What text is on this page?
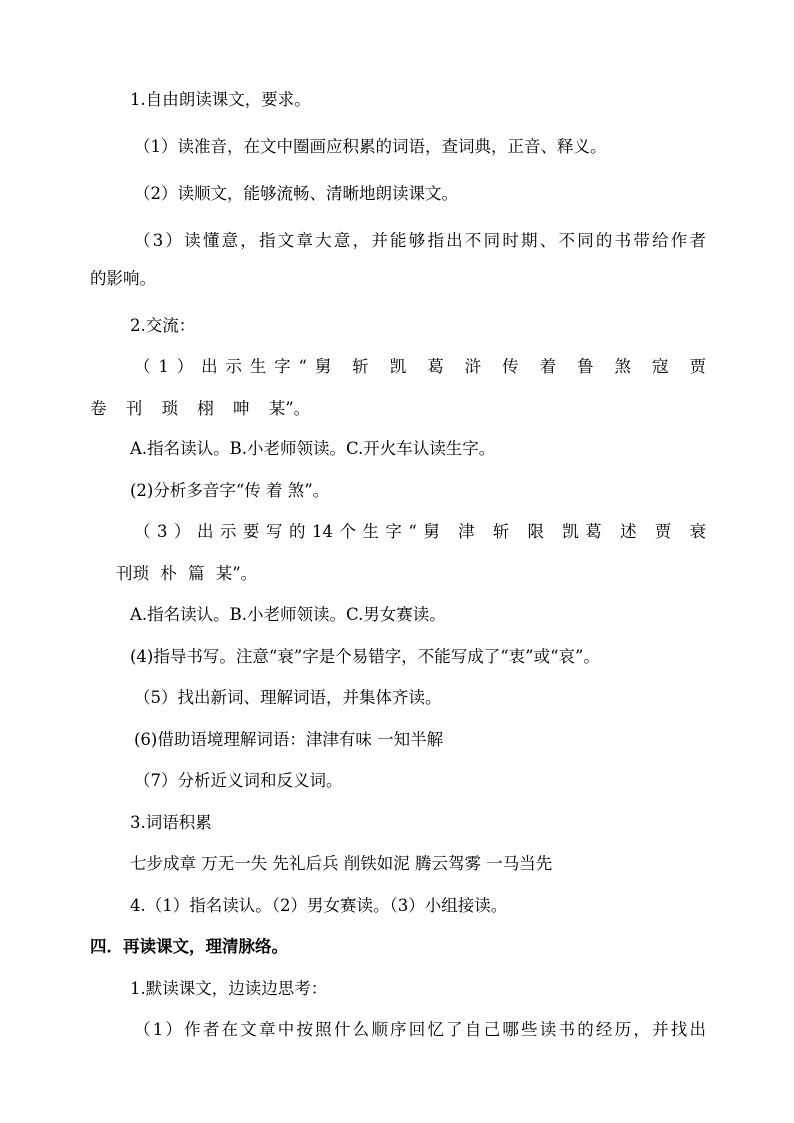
1.自由朗读课文，要求。
（1）读准音，在文中圈画应积累的词语，查词典，正音、释义。
（2）读顺文，能够流畅、清晰地朗读课文。
（3）读懂意，指文章大意，并能够指出不同时期、不同的书带给作者
的影响。
2.交流：
（1）出示生字“舅 斩 凯 葛 浒 传 着 鲁 煞 寇 贾
卷 刊 琐 栩 呻 某”。
A.指名读认。B.小老师领读。C.开火车认读生字。
(2)分析多音字“传 着 煞”。
（3）出示要写的14个生字“舅 津 斩 限 凯葛 述 贾 衰
刊琐 朴 篇 某”。
A.指名读认。B.小老师领读。C.男女赛读。
(4)指导书写。注意“衰”字是个易错字，不能写成了“衷”或“哀”。
（5）找出新词、理解词语，并集体齐读。
(6)借助语境理解词语：津津有味 一知半解
（7）分析近义词和反义词。
3.词语积累
七步成章 万无一失 先礼后兵 削铁如泥 腾云驾雾 一马当先
4.（1）指名读认。（2）男女赛读。（3）小组接读。
四．再读课文，理清脉络。
1.默读课文，边读边思考：
（1）作者在文章中按照什么顺序回忆了自己哪些读书的经历，并找出
